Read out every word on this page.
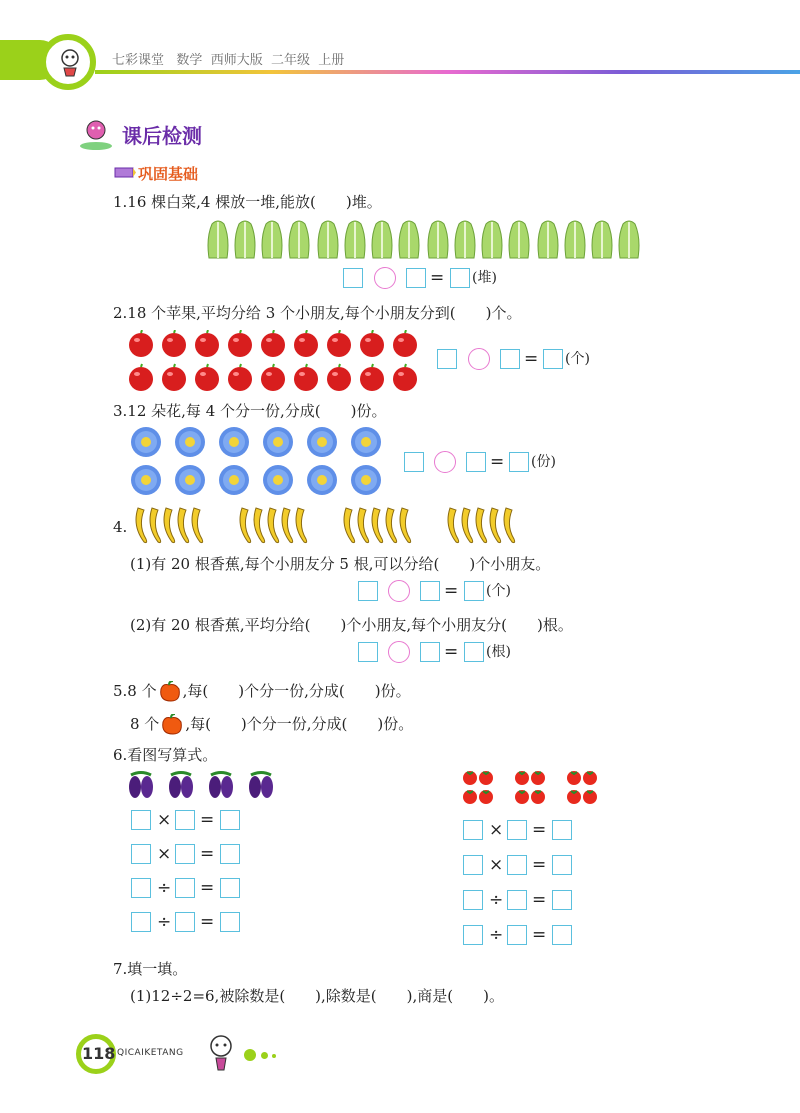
七彩课堂 数学 西师大版 二年级 上册
课后检测
巩固基础
1.16 棵白菜,4 棵放一堆,能放(　　)堆。
= (堆)
2.18 个苹果,平均分给 3 个小朋友,每个小朋友分到(　　)个。
= (个)
3.12 朵花,每 4 个分一份,分成(　　)份。
= (份)
4.
(1)有 20 根香蕉,每个小朋友分 5 根,可以分给(　　)个小朋友。
= (个)
(2)有 20 根香蕉,平均分给(　　)个小朋友,每个小朋友分(　　)根。
= (根)
5.8 个 ,每(　　)个分一份,分成(　　)份。
8 个 ,每(　　)个分一份,分成(　　)份。
6.看图写算式。
× =
× =
÷ =
÷ =
× =
× =
÷ =
÷ =
7.填一填。
(1)12÷2=6,被除数是(　　),除数是(　　),商是(　　)。
118 QICAIKETANG
